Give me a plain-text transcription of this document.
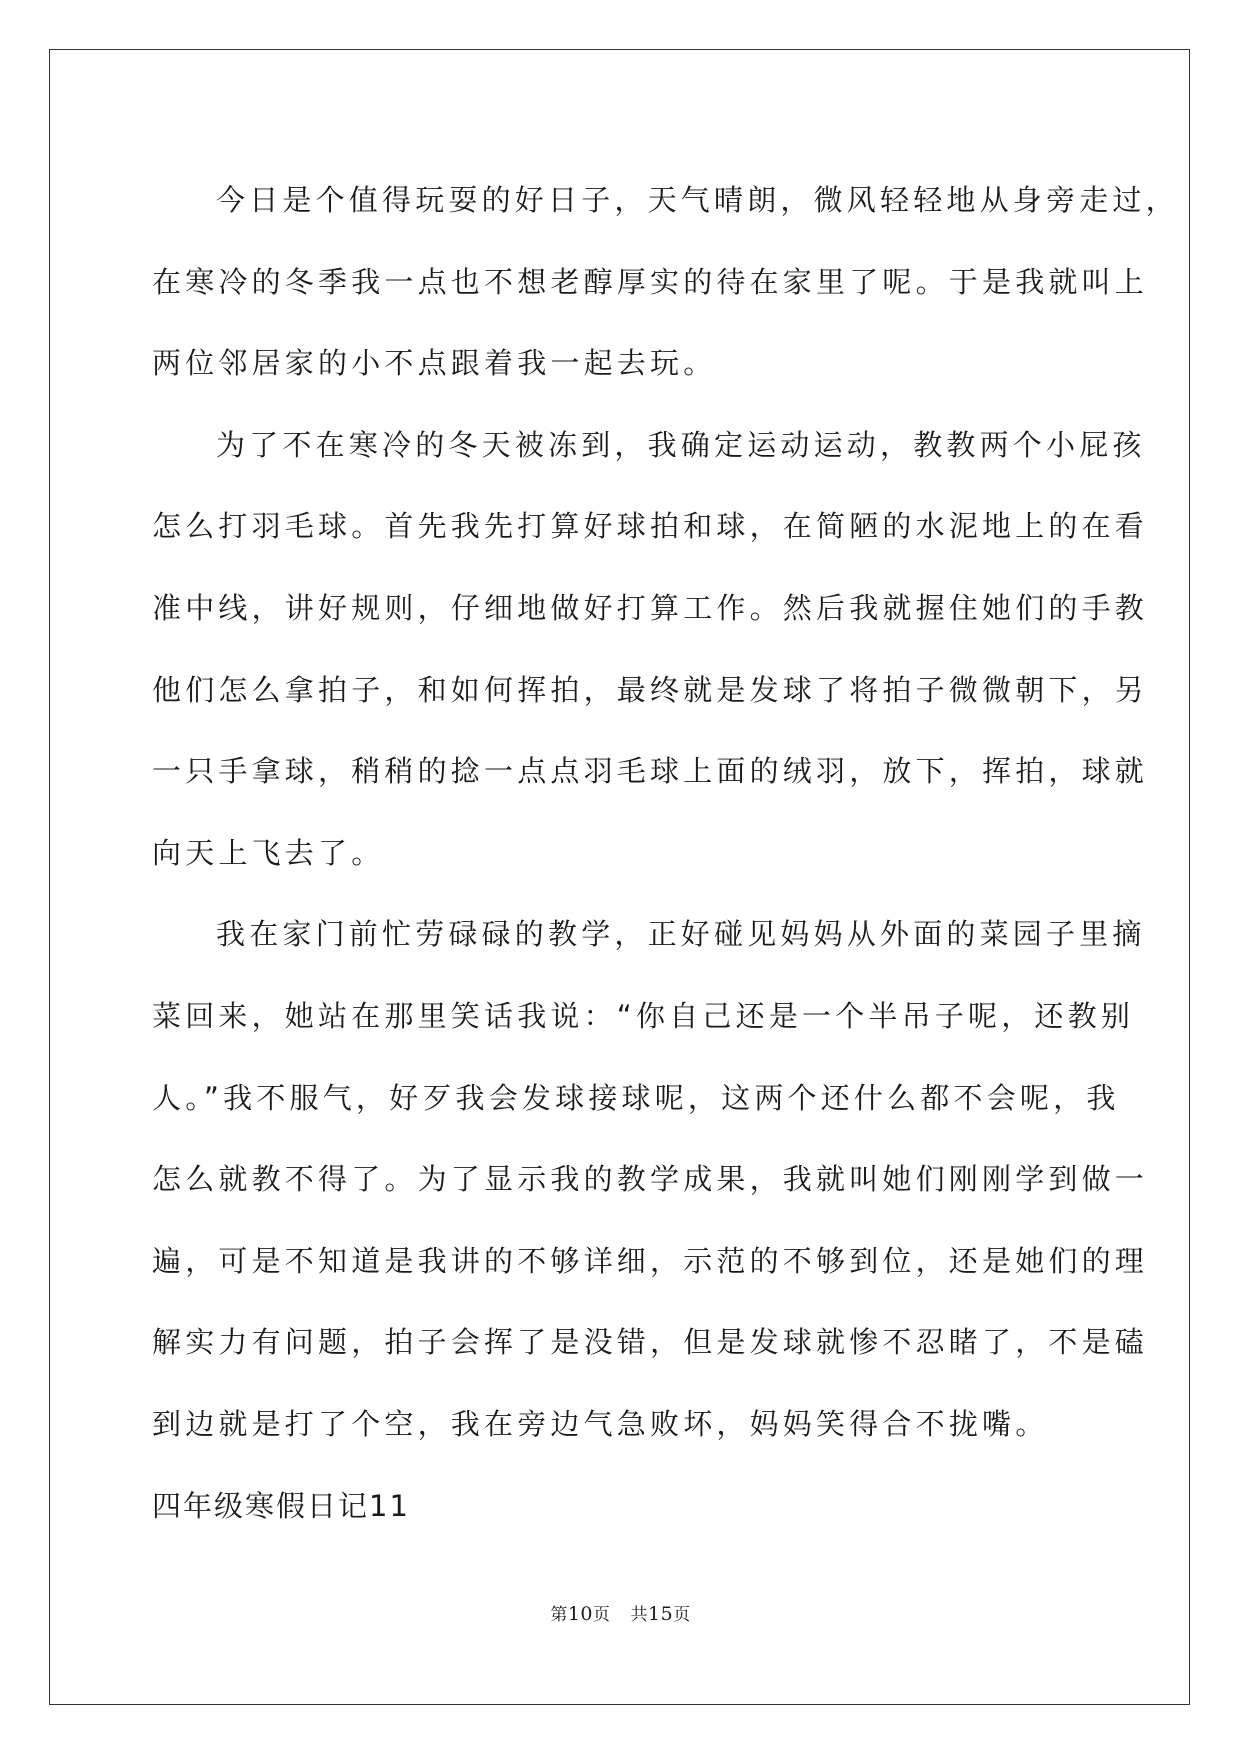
今日是个值得玩耍的好日子，天气晴朗，微风轻轻地从身旁走过，
在寒冷的冬季我一点也不想老醇厚实的待在家里了呢。于是我就叫上
两位邻居家的小不点跟着我一起去玩。
为了不在寒冷的冬天被冻到，我确定运动运动，教教两个小屁孩
怎么打羽毛球。首先我先打算好球拍和球，在简陋的水泥地上的在看
准中线，讲好规则，仔细地做好打算工作。然后我就握住她们的手教
他们怎么拿拍子，和如何挥拍，最终就是发球了将拍子微微朝下，另
一只手拿球，稍稍的捻一点点羽毛球上面的绒羽，放下，挥拍，球就
向天上飞去了。
我在家门前忙劳碌碌的教学，正好碰见妈妈从外面的菜园子里摘
菜回来，她站在那里笑话我说：“你自己还是一个半吊子呢，还教别
人。”我不服气，好歹我会发球接球呢，这两个还什么都不会呢，我
怎么就教不得了。为了显示我的教学成果，我就叫她们刚刚学到做一
遍，可是不知道是我讲的不够详细，示范的不够到位，还是她们的理
解实力有问题，拍子会挥了是没错，但是发球就惨不忍睹了，不是磕
到边就是打了个空，我在旁边气急败坏，妈妈笑得合不拢嘴。
四年级寒假日记11
第10页 共15页
